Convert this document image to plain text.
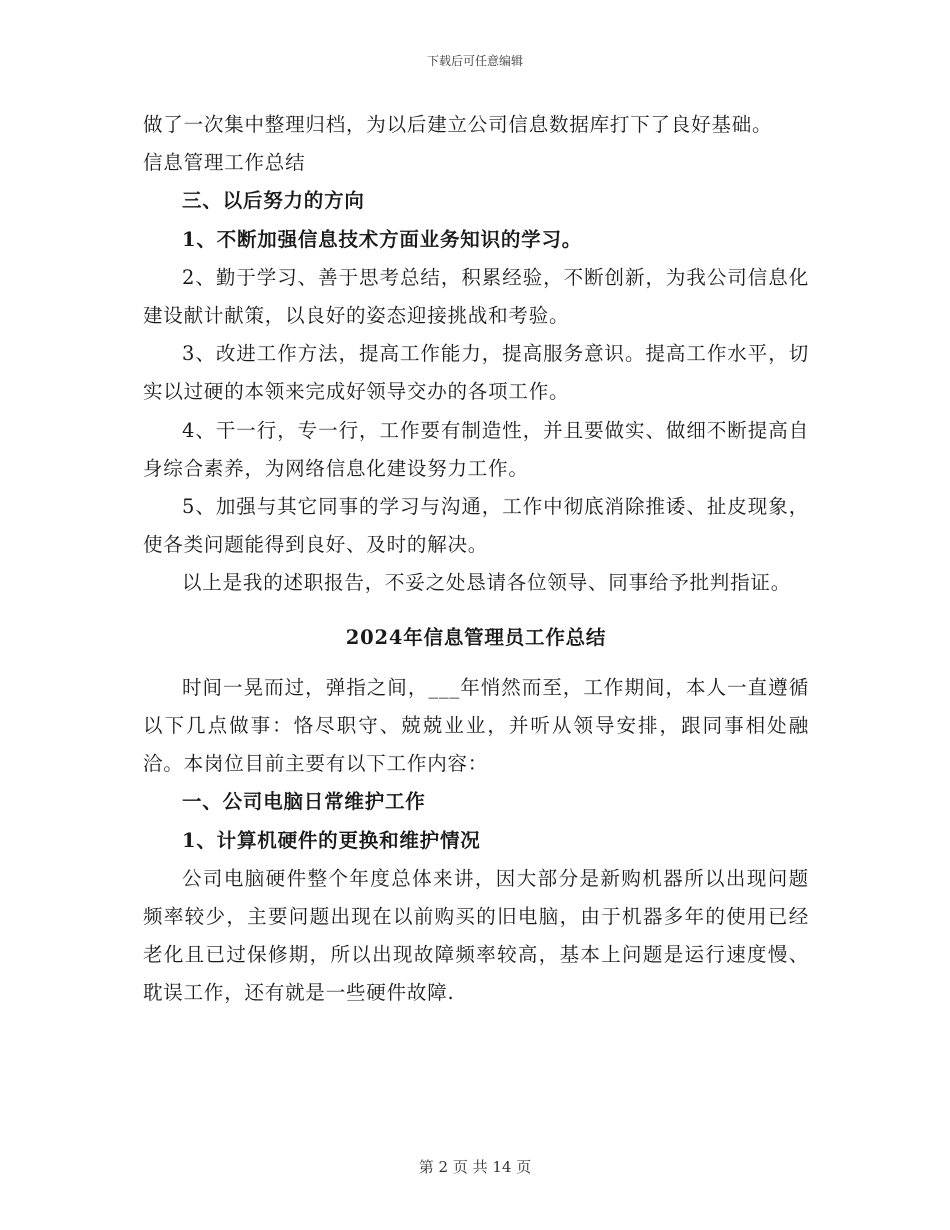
下载后可任意编辑

做了一次集中整理归档，为以后建立公司信息数据库打下了良好基础。

信息管理工作总结

三、以后努力的方向

1、不断加强信息技术方面业务知识的学习。

2、勤于学习、善于思考总结，积累经验，不断创新，为我公司信息化建设献计献策，以良好的姿态迎接挑战和考验。

3、改进工作方法，提高工作能力，提高服务意识。提高工作水平，切实以过硬的本领来完成好领导交办的各项工作。

4、干一行，专一行，工作要有制造性，并且要做实、做细不断提高自身综合素养，为网络信息化建设努力工作。

5、加强与其它同事的学习与沟通，工作中彻底消除推诿、扯皮现象，使各类问题能得到良好、及时的解决。

以上是我的述职报告，不妥之处恳请各位领导、同事给予批判指证。

2024年信息管理员工作总结

时间一晃而过，弹指之间，___年悄然而至，工作期间，本人一直遵循以下几点做事：恪尽职守、兢兢业业，并听从领导安排，跟同事相处融洽。本岗位目前主要有以下工作内容：

一、公司电脑日常维护工作

1、计算机硬件的更换和维护情况

公司电脑硬件整个年度总体来讲，因大部分是新购机器所以出现问题频率较少，主要问题出现在以前购买的旧电脑，由于机器多年的使用已经老化且已过保修期，所以出现故障频率较高，基本上问题是运行速度慢、耽误工作，还有就是一些硬件故障.

第 2 页 共 14 页
